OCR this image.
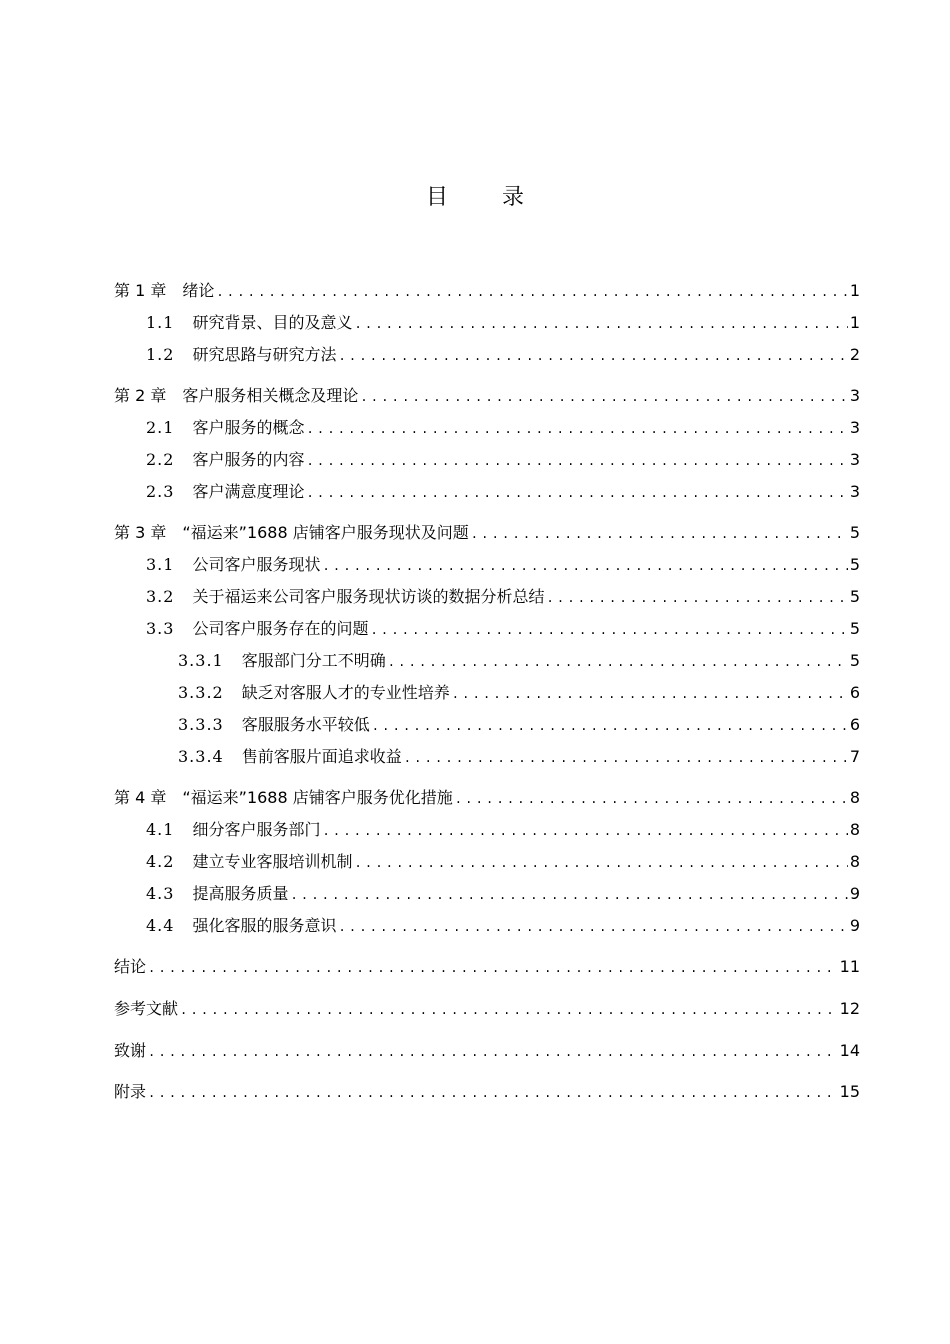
目 录
第 1 章 绪论 .....	1
1.1 研究背景、目的及意义 .....	1
1.2 研究思路与研究方法 .....	2
第 2 章 客户服务相关概念及理论 .....	3
2.1 客户服务的概念 .....	3
2.2 客户服务的内容 .....	3
2.3 客户满意度理论 .....	3
第 3 章 “福运来”1688 店铺客户服务现状及问题 .....	5
3.1 公司客户服务现状 .....	5
3.2 关于福运来公司客户服务现状访谈的数据分析总结 .....	5
3.3 公司客户服务存在的问题 .....	5
3.3.1 客服部门分工不明确 .....	5
3.3.2 缺乏对客服人才的专业性培养 .....	6
3.3.3 客服服务水平较低 .....	6
3.3.4 售前客服片面追求收益 .....	7
第 4 章 “福运来”1688 店铺客户服务优化措施 .....	8
4.1 细分客户服务部门 .....	8
4.2 建立专业客服培训机制 .....	8
4.3 提高服务质量 .....	9
4.4 强化客服的服务意识 .....	9
结论 .....	11
参考文献 .....	12
致谢 .....	14
附录 .....	15
